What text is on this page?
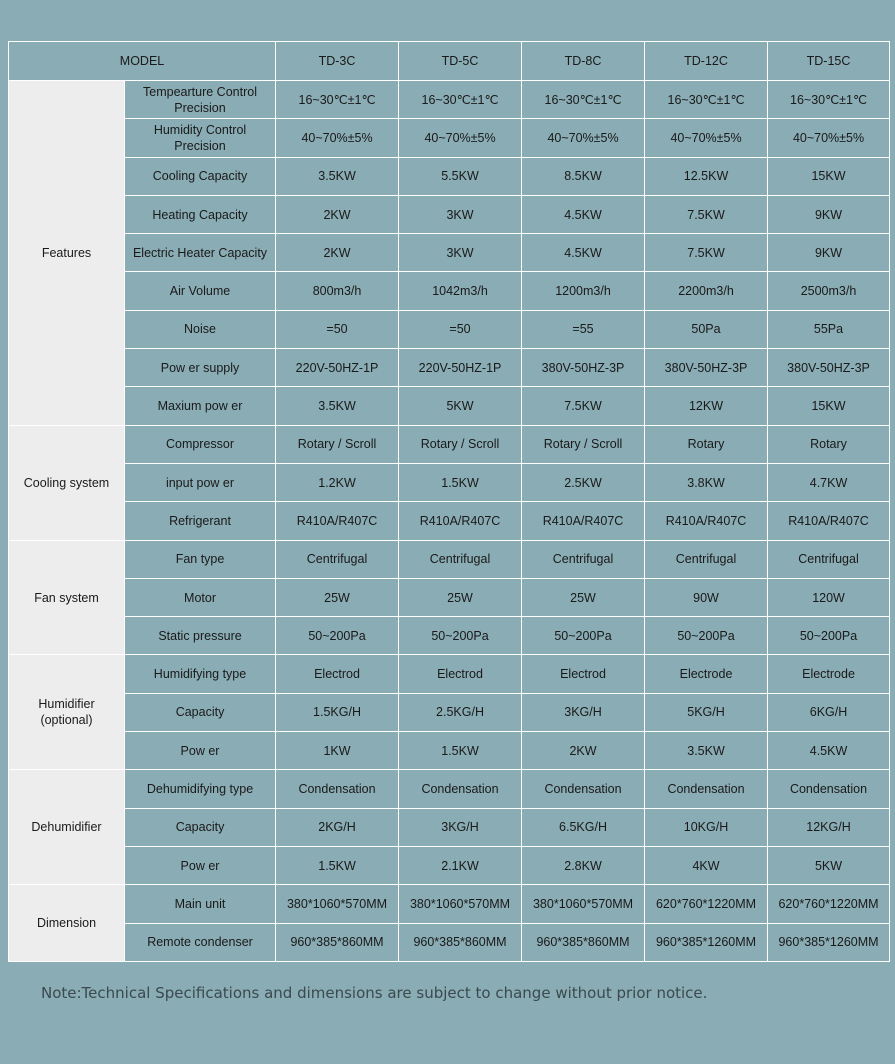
MODEL		TD-3C	TD-5C	TD-8C	TD-12C	TD-15C
Features	Tempearture Control Precision	16~30℃±1℃	16~30℃±1℃	16~30℃±1℃	16~30℃±1℃	16~30℃±1℃
	Humidity Control Precision	40~70%±5%	40~70%±5%	40~70%±5%	40~70%±5%	40~70%±5%
	Cooling Capacity	3.5KW	5.5KW	8.5KW	12.5KW	15KW
	Heating Capacity	2KW	3KW	4.5KW	7.5KW	9KW
	Electric Heater Capacity	2KW	3KW	4.5KW	7.5KW	9KW
	Air Volume	800m3/h	1042m3/h	1200m3/h	2200m3/h	2500m3/h
	Noise	=50	=50	=55	50Pa	55Pa
	Pow er supply	220V-50HZ-1P	220V-50HZ-1P	380V-50HZ-3P	380V-50HZ-3P	380V-50HZ-3P
	Maxium pow er	3.5KW	5KW	7.5KW	12KW	15KW
Cooling system	Compressor	Rotary / Scroll	Rotary / Scroll	Rotary / Scroll	Rotary	Rotary
	input pow er	1.2KW	1.5KW	2.5KW	3.8KW	4.7KW
	Refrigerant	R410A/R407C	R410A/R407C	R410A/R407C	R410A/R407C	R410A/R407C
Fan system	Fan type	Centrifugal	Centrifugal	Centrifugal	Centrifugal	Centrifugal
	Motor	25W	25W	25W	90W	120W
	Static pressure	50~200Pa	50~200Pa	50~200Pa	50~200Pa	50~200Pa
Humidifier (optional)	Humidifying type	Electrod	Electrod	Electrod	Electrode	Electrode
	Capacity	1.5KG/H	2.5KG/H	3KG/H	5KG/H	6KG/H
	Pow er	1KW	1.5KW	2KW	3.5KW	4.5KW
Dehumidifier	Dehumidifying type	Condensation	Condensation	Condensation	Condensation	Condensation
	Capacity	2KG/H	3KG/H	6.5KG/H	10KG/H	12KG/H
	Pow er	1.5KW	2.1KW	2.8KW	4KW	5KW
Dimension	Main unit	380*1060*570MM	380*1060*570MM	380*1060*570MM	620*760*1220MM	620*760*1220MM
	Remote condenser	960*385*860MM	960*385*860MM	960*385*860MM	960*385*1260MM	960*385*1260MM

Note:Technical Specifications and dimensions are subject to change without prior notice.
